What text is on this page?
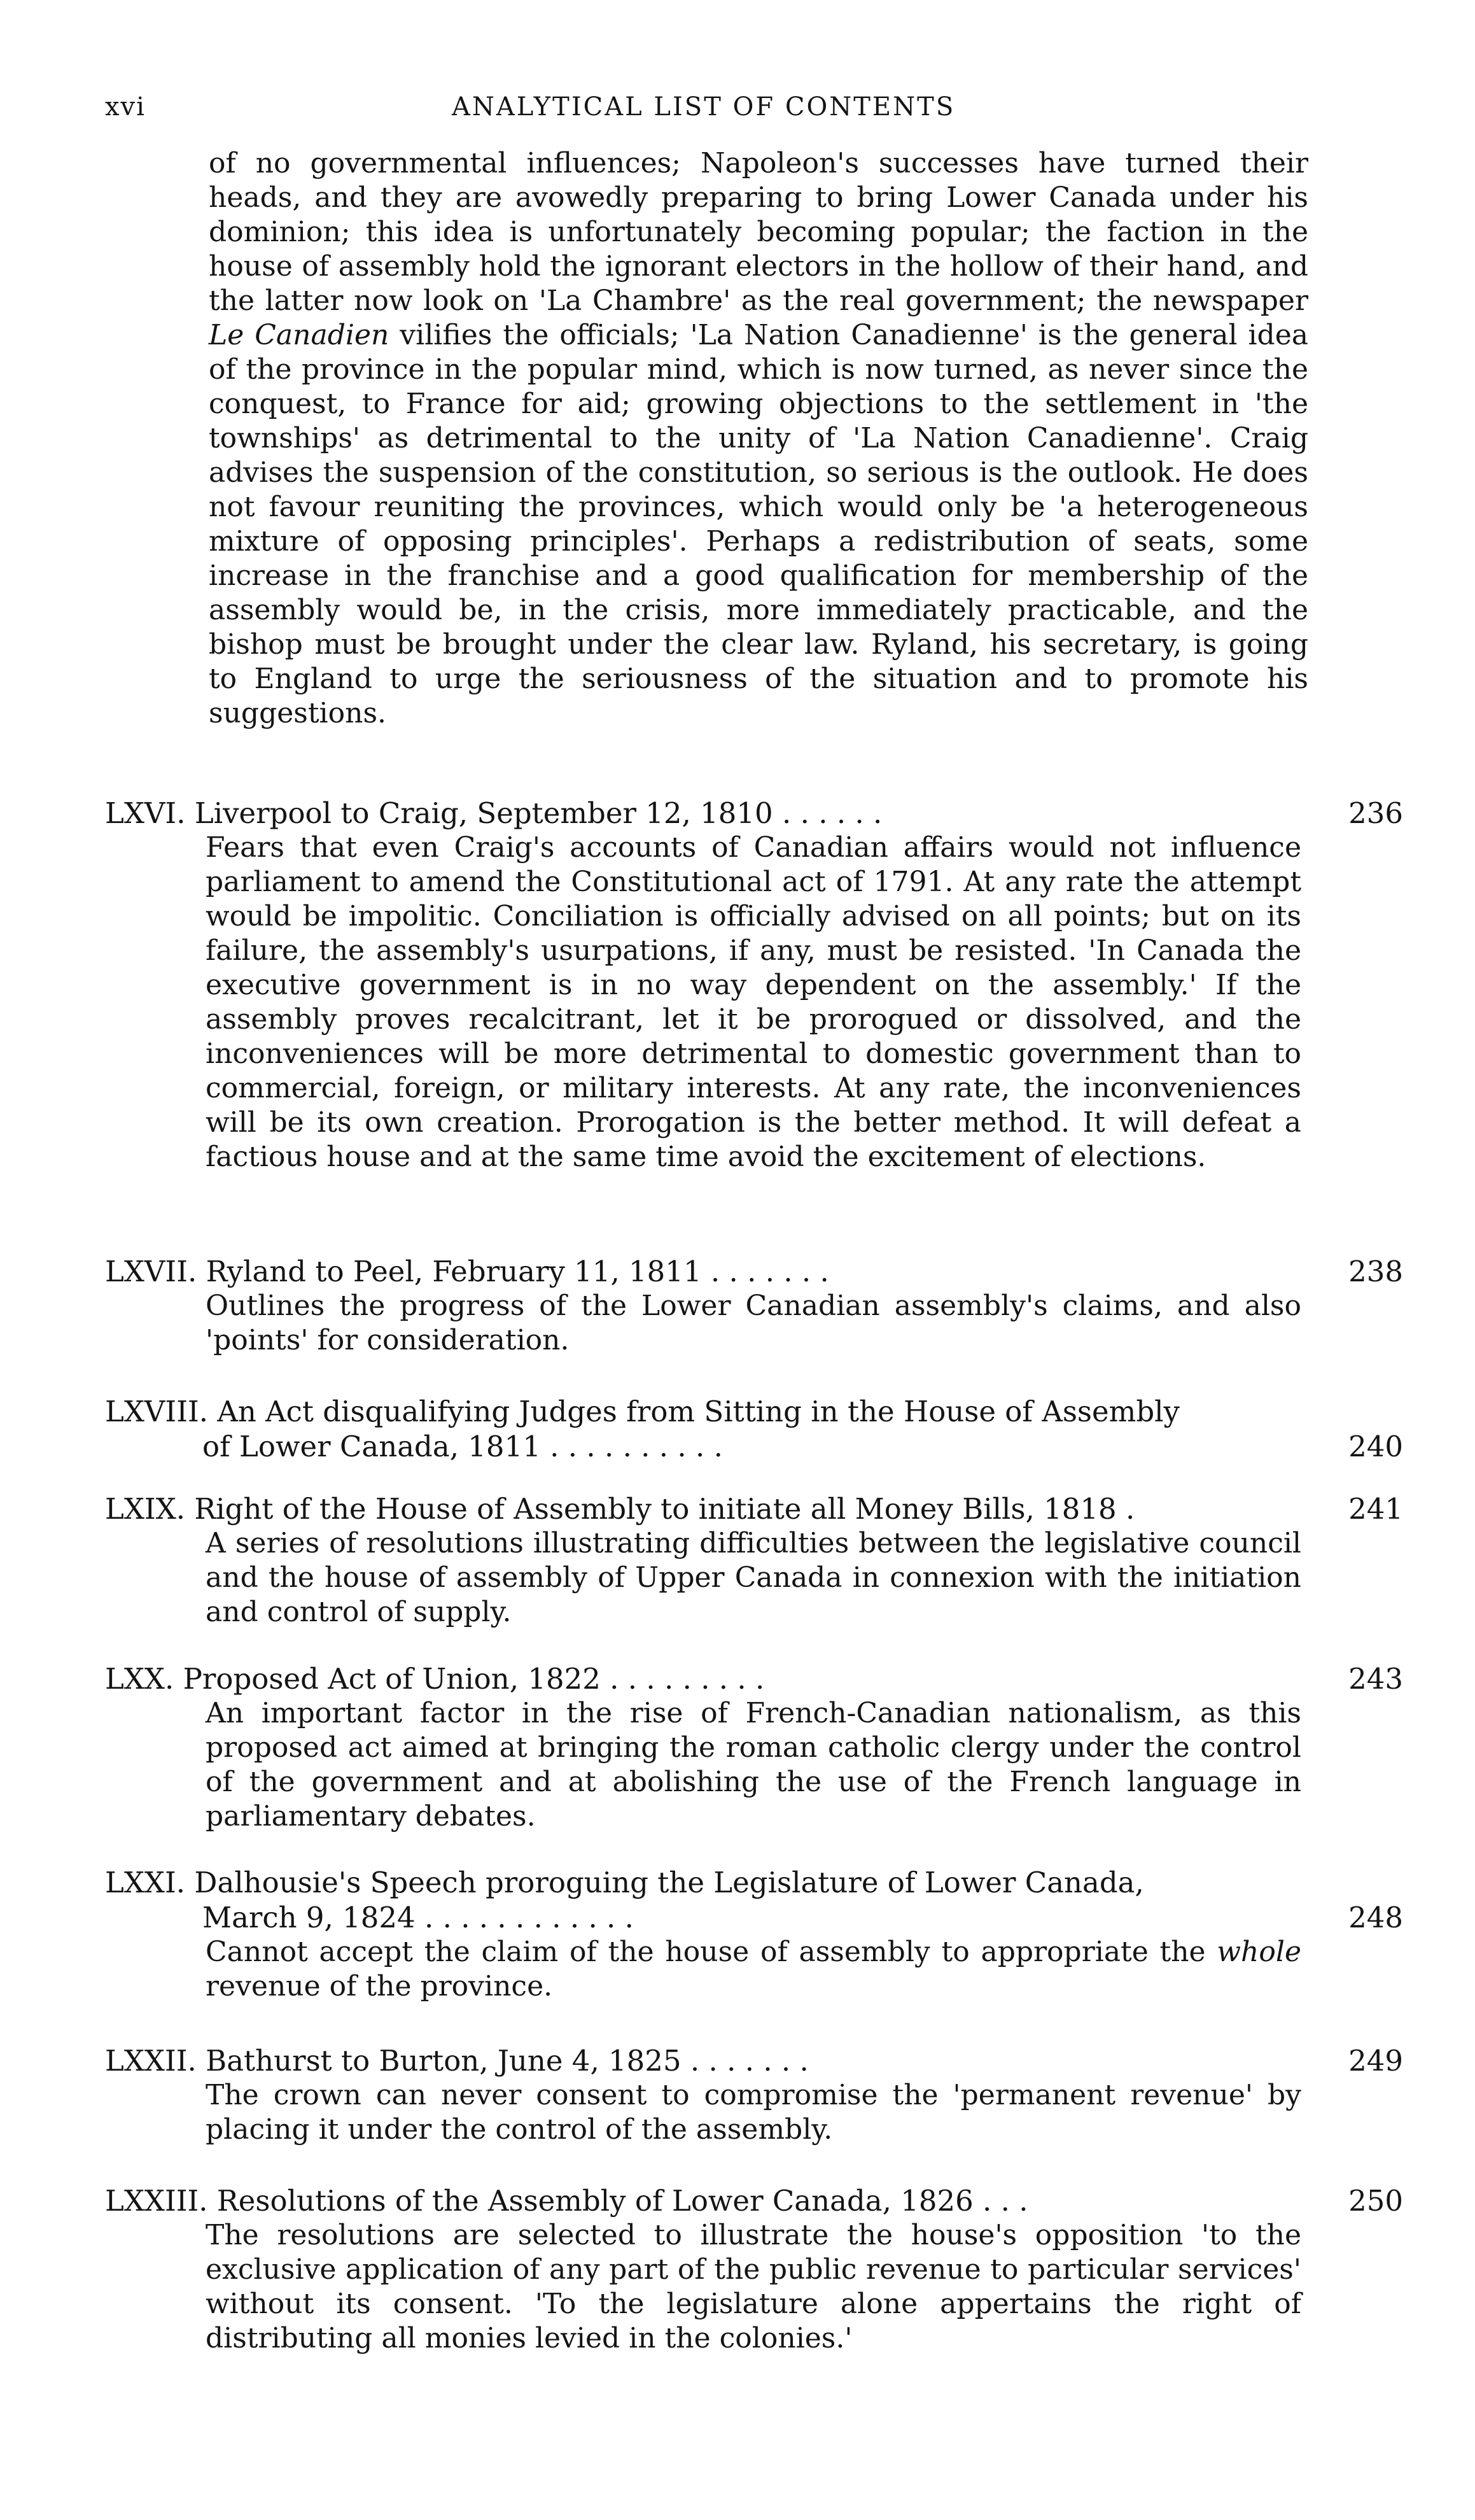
xvi	ANALYTICAL LIST OF CONTENTS
of no governmental influences; Napoleon's successes have turned their heads, and they are avowedly preparing to bring Lower Canada under his dominion; this idea is unfortunately becoming popular; the faction in the house of assembly hold the ignorant electors in the hollow of their hand, and the latter now look on 'La Chambre' as the real government; the newspaper Le Canadien vilifies the officials; 'La Nation Canadienne' is the general idea of the province in the popular mind, which is now turned, as never since the conquest, to France for aid; growing objections to the settlement in 'the townships' as detrimental to the unity of 'La Nation Canadienne'. Craig advises the suspension of the constitution, so serious is the outlook. He does not favour reuniting the provinces, which would only be 'a heterogeneous mixture of opposing principles'. Perhaps a redistribution of seats, some increase in the franchise and a good qualification for membership of the assembly would be, in the crisis, more immediately practicable, and the bishop must be brought under the clear law. Ryland, his secretary, is going to England to urge the seriousness of the situation and to promote his suggestions.
LXVI. Liverpool to Craig, September 12, 1810 . . . . . .	236
Fears that even Craig's accounts of Canadian affairs would not influence parliament to amend the Constitutional act of 1791. At any rate the attempt would be impolitic. Conciliation is officially advised on all points; but on its failure, the assembly's usurpations, if any, must be resisted. 'In Canada the executive government is in no way dependent on the assembly.' If the assembly proves recalcitrant, let it be prorogued or dissolved, and the inconveniences will be more detrimental to domestic government than to commercial, foreign, or military interests. At any rate, the inconveniences will be its own creation. Prorogation is the better method. It will defeat a factious house and at the same time avoid the excitement of elections.
LXVII. Ryland to Peel, February 11, 1811 . . . . . . .	238
Outlines the progress of the Lower Canadian assembly's claims, and also 'points' for consideration.
LXVIII. An Act disqualifying Judges from Sitting in the House of Assembly
of Lower Canada, 1811 . . . . . . . . . .	240
LXIX. Right of the House of Assembly to initiate all Money Bills, 1818 .	241
A series of resolutions illustrating difficulties between the legislative council and the house of assembly of Upper Canada in connexion with the initiation and control of supply.
LXX. Proposed Act of Union, 1822 . . . . . . . . .	243
An important factor in the rise of French-Canadian nationalism, as this proposed act aimed at bringing the roman catholic clergy under the control of the government and at abolishing the use of the French language in parliamentary debates.
LXXI. Dalhousie's Speech proroguing the Legislature of Lower Canada,
March 9, 1824 . . . . . . . . . . . .	248
Cannot accept the claim of the house of assembly to appropriate the whole revenue of the province.
LXXII. Bathurst to Burton, June 4, 1825 . . . . . . .	249
The crown can never consent to compromise the 'permanent revenue' by placing it under the control of the assembly.
LXXIII. Resolutions of the Assembly of Lower Canada, 1826 . . .	250
The resolutions are selected to illustrate the house's opposition 'to the exclusive application of any part of the public revenue to particular services' without its consent. 'To the legislature alone appertains the right of distributing all monies levied in the colonies.'
